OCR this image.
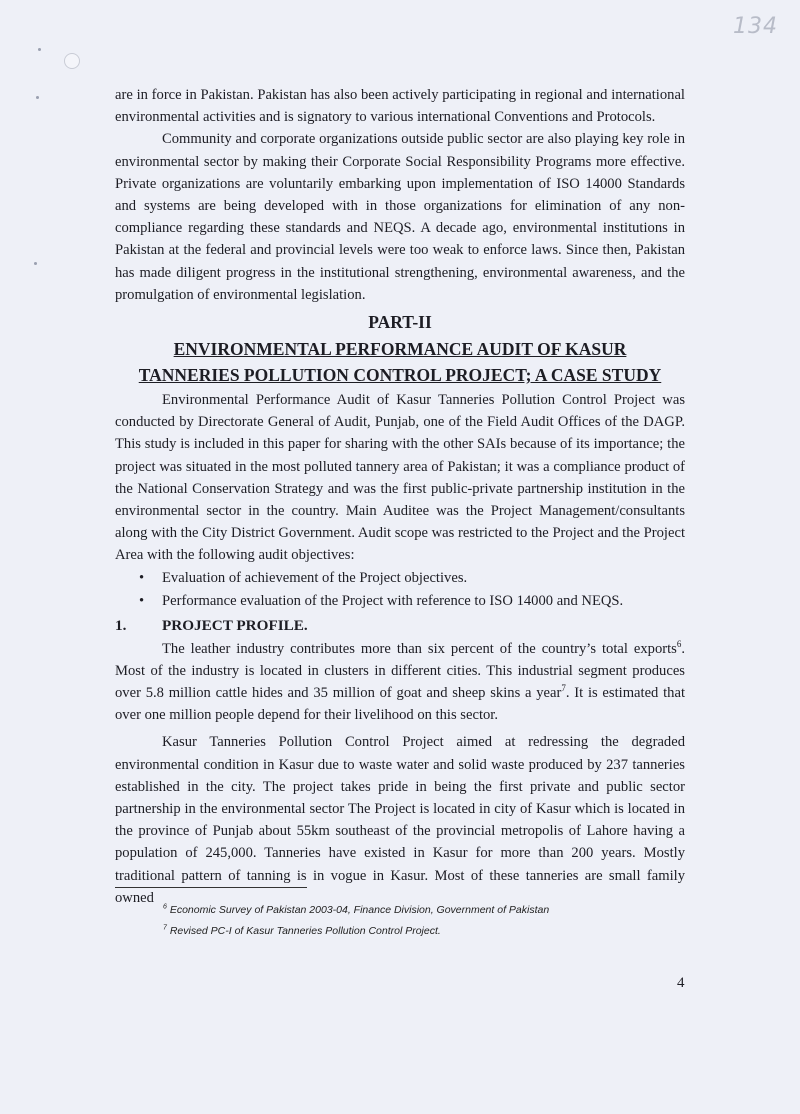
134

are in force in Pakistan. Pakistan has also been actively participating in regional and international environmental activities and is signatory to various international Conventions and Protocols.

Community and corporate organizations outside public sector are also playing key role in environmental sector by making their Corporate Social Responsibility Programs more effective. Private organizations are voluntarily embarking upon implementation of ISO 14000 Standards and systems are being developed with in those organizations for elimination of any non-compliance regarding these standards and NEQS. A decade ago, environmental institutions in Pakistan at the federal and provincial levels were too weak to enforce laws. Since then, Pakistan has made diligent progress in the institutional strengthening, environmental awareness, and the promulgation of environmental legislation.

PART-II
ENVIRONMENTAL PERFORMANCE AUDIT OF KASUR
TANNERIES POLLUTION CONTROL PROJECT; A CASE STUDY

Environmental Performance Audit of Kasur Tanneries Pollution Control Project was conducted by Directorate General of Audit, Punjab, one of the Field Audit Offices of the DAGP. This study is included in this paper for sharing with the other SAIs because of its importance; the project was situated in the most polluted tannery area of Pakistan; it was a compliance product of the National Conservation Strategy and was the first public-private partnership institution in the environmental sector in the country. Main Auditee was the Project Management/consultants along with the City District Government. Audit scope was restricted to the Project and the Project Area with the following audit objectives:

• Evaluation of achievement of the Project objectives.
• Performance evaluation of the Project with reference to ISO 14000 and NEQS.
1.	PROJECT PROFILE.

The leather industry contributes more than six percent of the country’s total exports$^6$. Most of the industry is located in clusters in different cities. This industrial segment produces over 5.8 million cattle hides and 35 million of goat and sheep skins a year$^7$. It is estimated that over one million people depend for their livelihood on this sector.

Kasur Tanneries Pollution Control Project aimed at redressing the degraded environmental condition in Kasur due to waste water and solid waste produced by 237 tanneries established in the city. The project takes pride in being the first private and public sector partnership in the environmental sector The Project is located in city of Kasur which is located in the province of Punjab about 55km southeast of the provincial metropolis of Lahore having a population of 245,000. Tanneries have existed in Kasur for more than 200 years. Mostly traditional pattern of tanning is in vogue in Kasur. Most of these tanneries are small family owned

$^6$ Economic Survey of Pakistan 2003-04, Finance Division, Government of Pakistan
$^7$ Revised PC-I of Kasur Tanneries Pollution Control Project.
4
